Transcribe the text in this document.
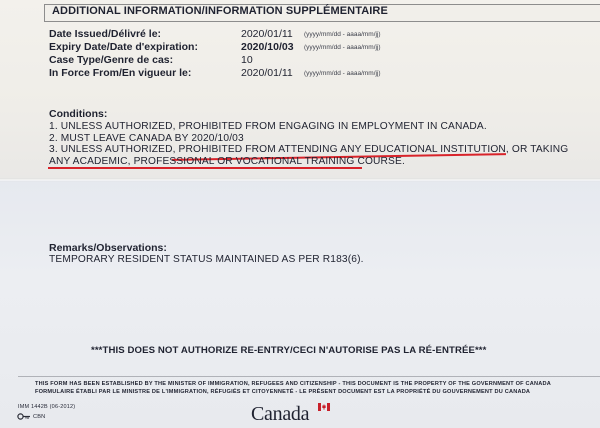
ADDITIONAL INFORMATION/INFORMATION SUPPLÉMENTAIRE
Date Issued/Délivré le:	2020/01/11 (yyyy/mm/dd - aaaa/mm/jj)
Expiry Date/Date d'expiration:	2020/10/03 (yyyy/mm/dd - aaaa/mm/jj)
Case Type/Genre de cas:	10
In Force From/En vigueur le:	2020/01/11 (yyyy/mm/dd - aaaa/mm/jj)
Conditions:
1. UNLESS AUTHORIZED, PROHIBITED FROM ENGAGING IN EMPLOYMENT IN CANADA.
2. MUST LEAVE CANADA BY 2020/10/03
3. UNLESS AUTHORIZED, PROHIBITED FROM ATTENDING ANY EDUCATIONAL INSTITUTION, OR TAKING
ANY ACADEMIC, PROFESSIONAL OR VOCATIONAL TRAINING COURSE.
Remarks/Observations:
TEMPORARY RESIDENT STATUS MAINTAINED AS PER R183(6).
***THIS DOES NOT AUTHORIZE RE-ENTRY/CECI N'AUTORISE PAS LA RÉ-ENTRÉE***
THIS FORM HAS BEEN ESTABLISHED BY THE MINISTER OF IMMIGRATION, REFUGEES AND CITIZENSHIP - THIS DOCUMENT IS THE PROPERTY OF THE GOVERNMENT OF CANADA
FORMULAIRE ÉTABLI PAR LE MINISTRE DE L'IMMIGRATION, RÉFUGIÉS ET CITOYENNETÉ - LE PRÉSENT DOCUMENT EST LA PROPRIÉTÉ DU GOUVERNEMENT DU CANADA
IMM 1442B (06-2012)
CBN	Canada
